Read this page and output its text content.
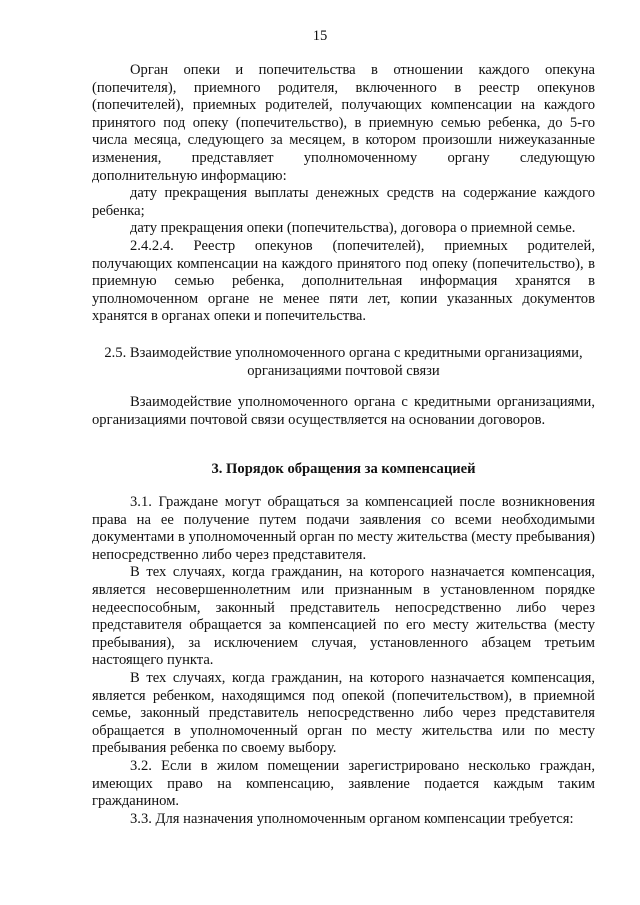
15

Орган опеки и попечительства в отношении каждого опекуна (попечителя), приемного родителя, включенного в реестр опекунов (попечителей), приемных родителей, получающих компенсации на каждого принятого под опеку (попечительство), в приемную семью ребенка, до 5-го числа месяца, следующего за месяцем, в котором произошли нижеуказанные изменения, представляет уполномоченному органу следующую дополнительную информацию:

дату прекращения выплаты денежных средств на содержание каждого ребенка;

дату прекращения опеки (попечительства), договора о приемной семье.

2.4.2.4. Реестр опекунов (попечителей), приемных родителей, получающих компенсации на каждого принятого под опеку (попечительство), в приемную семью ребенка, дополнительная информация хранятся в уполномоченном органе не менее пяти лет, копии указанных документов хранятся в органах опеки и попечительства.

2.5. Взаимодействие уполномоченного органа с кредитными организациями,

организациями почтовой связи

Взаимодействие уполномоченного органа с кредитными организациями, организациями почтовой связи осуществляется на основании договоров.

3. Порядок обращения за компенсацией

3.1. Граждане могут обращаться за компенсацией после возникновения права на ее получение путем подачи заявления со всеми необходимыми документами в уполномоченный орган по месту жительства (месту пребывания) непосредственно либо через представителя.

В тех случаях, когда гражданин, на которого назначается компенсация, является несовершеннолетним или признанным в установленном порядке недееспособным, законный представитель непосредственно либо через представителя обращается за компенсацией по его месту жительства (месту пребывания), за исключением случая, установленного абзацем третьим настоящего пункта.

В тех случаях, когда гражданин, на которого назначается компенсация, является ребенком, находящимся под опекой (попечительством), в приемной семье, законный представитель непосредственно либо через представителя обращается в уполномоченный орган по месту жительства или по месту пребывания ребенка по своему выбору.

3.2. Если в жилом помещении зарегистрировано несколько граждан, имеющих право на компенсацию, заявление подается каждым таким гражданином.

3.3. Для назначения уполномоченным органом компенсации требуется:
